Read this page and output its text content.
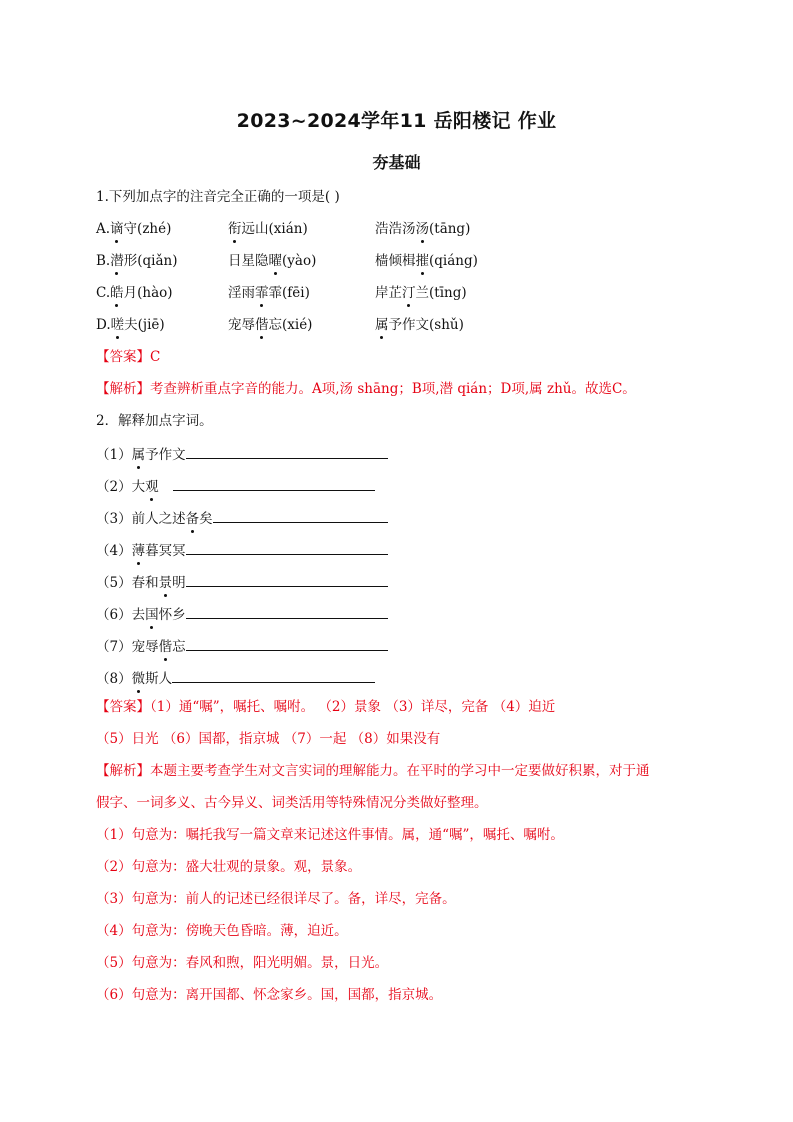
2023~2024学年11 岳阳楼记 作业
夯基础
1.下列加点字的注音完全正确的一项是( )
A.谪守(zhé)	衔远山(xián)	浩浩汤汤(tāng)
B.潜形(qiǎn)	日星隐曜(yào)	樯倾楫摧(qiáng)
C.皓月(hào)	淫雨霏霏(fēi)	岸芷汀兰(tīng)
D.嗟夫(jiē)	宠辱偕忘(xié)	属予作文(shǔ)
【答案】C
【解析】考查辨析重点字音的能力。A项,汤 shāng；B项,潜 qián；D项,属 zhǔ。故选C。
2．解释加点字词。
（1）属予作文
（2）大观
（3）前人之述备矣
（4）薄暮冥冥
（5）春和景明
（6）去国怀乡
（7）宠辱偕忘
（8）微斯人
【答案】（1）通“嘱”，嘱托、嘱咐。 （2）景象 （3）详尽，完备 （4）迫近
（5）日光 （6）国都，指京城 （7）一起 （8）如果没有
【解析】本题主要考查学生对文言实词的理解能力。在平时的学习中一定要做好积累，对于通
假字、一词多义、古今异义、词类活用等特殊情况分类做好整理。
（1）句意为：嘱托我写一篇文章来记述这件事情。属，通“嘱”，嘱托、嘱咐。
（2）句意为：盛大壮观的景象。观，景象。
（3）句意为：前人的记述已经很详尽了。备，详尽，完备。
（4）句意为：傍晚天色昏暗。薄，迫近。
（5）句意为：春风和煦，阳光明媚。景，日光。
（6）句意为：离开国都、怀念家乡。国，国都，指京城。
